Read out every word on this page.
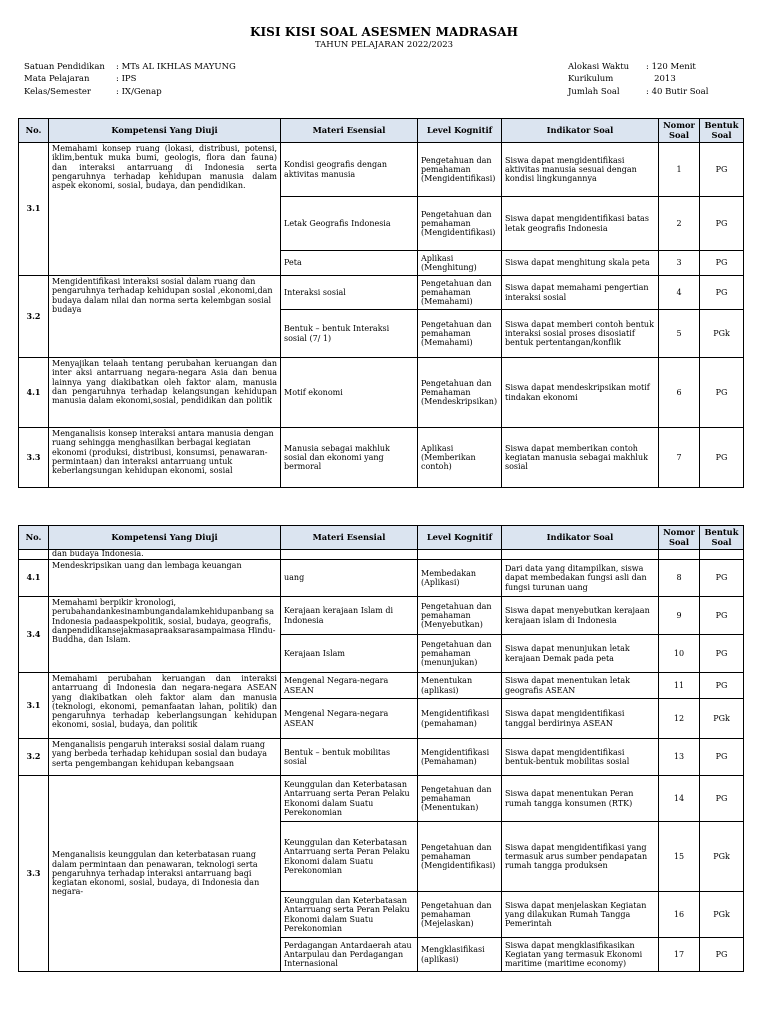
KISI KISI SOAL ASESMEN MADRASAH
TAHUN PELAJARAN 2022/2023
Satuan Pendidikan	: MTs AL IKHLAS MAYUNG
Mata Pelajaran	: IPS
Kelas/Semester	: IX/Genap
Alokasi Waktu	: 120 Menit
Kurikulum	2013
Jumlah Soal	: 40 Butir Soal
No.	Kompetensi Yang Diuji	Materi Esensial	Level Kognitif	Indikator Soal	Nomor Soal	Bentuk Soal
3.1	Memahami konsep ruang (lokasi, distribusi, potensi, iklim,bentuk muka bumi, geologis, flora dan fauna) dan interaksi antarruang di Indonesia serta pengaruhnya terhadap kehidupan manusia dalam aspek ekonomi, sosial, budaya, dan pendidikan.	Kondisi geografis dengan aktivitas manusia	Pengetahuan dan pemahaman (Mengidentifikasi)	Siswa dapat mengidentifikasi aktivitas manusia sesuai dengan kondisi lingkungannya	1	PG
		Letak Geografis Indonesia	Pengetahuan dan pemahaman (Mengidentifikasi)	Siswa dapat mengidentifikasi batas letak geografis Indonesia	2	PG
		Peta	Aplikasi (Menghitung)	Siswa dapat menghitung skala peta	3	PG
3.2	Mengidentifikasi interaksi sosial dalam ruang dan pengaruhnya terhadap kehidupan sosial ,ekonomi,dan budaya dalam nilai dan norma serta kelembgan sosial budaya	Interaksi sosial	Pengetahuan dan pemahaman (Memahami)	Siswa dapat memahami pengertian interaksi sosial	4	PG
		Bentuk – bentuk Interaksi sosial (7/ 1)	Pengetahuan dan pemahaman (Memahami)	Siswa dapat memberi contoh bentuk interaksi sosial proses disosiatif bentuk pertentangan/konflik	5	PGk
4.1	Menyajikan telaah tentang perubahan keruangan dan inter aksi antarruang negara-negara Asia dan benua lainnya yang diakibatkan oleh faktor alam, manusia dan pengaruhnya terhadap kelangsungan kehidupan manusia dalam ekonomi,sosial, pendidikan dan politik	Motif ekonomi	Pengetahuan dan Pemahaman (Mendeskripsikan)	Siswa dapat mendeskripsikan motif tindakan ekonomi	6	PG
3.3	Menganalisis konsep interaksi antara manusia dengan ruang sehingga menghasilkan berbagai kegiatan ekonomi (produksi, distribusi, konsumsi, penawaran- permintaan) dan interaksi antarruang untuk keberlangsungan kehidupan ekonomi, sosial	Manusia sebagai makhluk sosial dan ekonomi yang bermoral	Aplikasi (Memberikan contoh)	Siswa dapat memberikan contoh kegiatan manusia sebagai makhluk sosial	7	PG
No.	Kompetensi Yang Diuji	Materi Esensial	Level Kognitif	Indikator Soal	Nomor Soal	Bentuk Soal
	dan budaya Indonesia.					
4.1	Mendeskripsikan uang dan lembaga keuangan	uang	Membedakan (Aplikasi)	Dari data yang ditampilkan, siswa dapat membedakan fungsi asli dan fungsi turunan uang	8	PG
3.4	Memahami berpikir kronologi, perubahandankesinambungandalamkehidupanbang sa Indonesia padaaspekpolitik, sosial, budaya, geografis, danpendidikansejakmasapraaksarasampaimasa Hindu-Buddha, dan Islam.	Kerajaan kerajaan Islam di Indonesia	Pengetahuan dan pemahaman (Menyebutkan)	Siswa dapat menyebutkan kerajaan kerajaan islam di Indonesia	9	PG
		Kerajaan Islam	Pengetahuan dan pemahaman (menunjukan)	Siswa dapat menunjukan letak kerajaan Demak pada peta	10	PG
3.1	Memahami perubahan keruangan dan interaksi antarruang di Indonesia dan negara-negara ASEAN yang diakibatkan oleh faktor alam dan manusia (teknologi, ekonomi, pemanfaatan lahan, politik) dan pengaruhnya terhadap keberlangsungan kehidupan ekonomi, sosial, budaya, dan politik	Mengenal Negara-negara ASEAN	Menentukan (aplikasi)	Siswa dapat menentukan letak geografis ASEAN	11	PG
		Mengenal Negara-negara ASEAN	Mengidentifikasi (pemahaman)	Siswa dapat mengidentifikasi tanggal berdirinya ASEAN	12	PGk
3.2	Menganalisis pengaruh interaksi sosial dalam ruang yang berbeda terhadap kehidupan sosial dan budaya serta pengembangan kehidupan kebangsaan	Bentuk – bentuk mobilitas sosial	Mengidentifikasi (Pemahaman)	Siswa dapat mengidentifikasi bentuk-bentuk mobilitas sosial	13	PG
3.3	Menganalisis keunggulan dan keterbatasan ruang dalam permintaan dan penawaran, teknologi serta pengaruhnya terhadap interaksi antarruang bagi kegiatan ekonomi, sosial, budaya, di Indonesia dan negara-	Keunggulan dan Keterbatasan Antarruang serta Peran Pelaku Ekonomi dalam Suatu Perekonomian	Pengetahuan dan pemahaman (Menentukan)	Siswa dapat menentukan Peran rumah tangga konsumen (RTK)	14	PG
		Keunggulan dan Keterbatasan Antarruang serta Peran Pelaku Ekonomi dalam Suatu Perekonomian	Pengetahuan dan pemahaman (Mengidentifikasi)	Siswa dapat mengidentifikasi yang termasuk arus sumber pendapatan rumah tangga produksen	15	PGk
		Keunggulan dan Keterbatasan Antarruang serta Peran Pelaku Ekonomi dalam Suatu Perekonomian	Pengetahuan dan pemahaman (Mejelaskan)	Siswa dapat menjelaskan Kegiatan yang dilakukan Rumah Tangga Pemerintah	16	PGk
		Perdagangan Antardaerah atau Antarpulau dan Perdagangan Internasional	Mengklasifikasi (aplikasi)	Siswa dapat mengklasifikasikan Kegiatan yang termasuk Ekonomi maritime (maritime economy)	17	PG
